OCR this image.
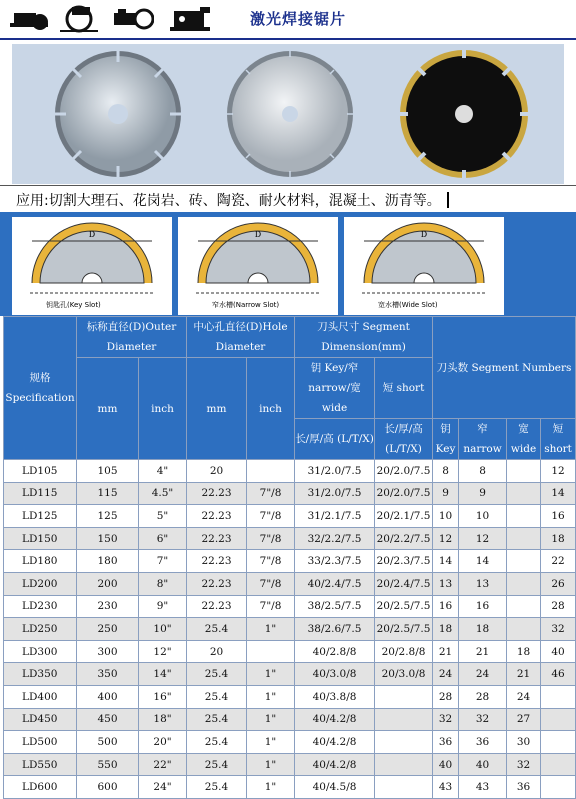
激光焊接锯片
应用:切割大理石、花岗岩、砖、陶瓷、耐火材料，混凝土、沥青等。
D
钥匙孔(Key Slot)
D
窄水槽(Narrow Slot)
D
宽水槽(Wide Slot)
规格 Specification	标称直径(D)Outer Diameter		中心孔直径(D)Hole Diameter		刀头尺寸 Segment Dimension(mm)		刀头数 Segment Numbers			
	mm	inch	mm	inch	钥 Key/窄 narrow/宽 wide	短 short				
					长/厚/高 (L/T/X)	长/厚/高 (L/T/X)	钥 Key	窄 narrow	宽 wide	短 short

LD105	105	4"	20		31/2.0/7.5	20/2.0/7.5	8	8		12
LD115	115	4.5"	22.23	7"/8	31/2.0/7.5	20/2.0/7.5	9	9		14
LD125	125	5"	22.23	7"/8	31/2.1/7.5	20/2.1/7.5	10	10		16
LD150	150	6"	22.23	7"/8	32/2.2/7.5	20/2.2/7.5	12	12		18
LD180	180	7"	22.23	7"/8	33/2.3/7.5	20/2.3/7.5	14	14		22
LD200	200	8"	22.23	7"/8	40/2.4/7.5	20/2.4/7.5	13	13		26
LD230	230	9"	22.23	7"/8	38/2.5/7.5	20/2.5/7.5	16	16		28
LD250	250	10"	25.4	1"	38/2.6/7.5	20/2.5/7.5	18	18		32
LD300	300	12"	20		40/2.8/8	20/2.8/8	21	21	18	40
LD350	350	14"	25.4	1"	40/3.0/8	20/3.0/8	24	24	21	46
LD400	400	16"	25.4	1"	40/3.8/8		28	28	24	
LD450	450	18"	25.4	1"	40/4.2/8		32	32	27	
LD500	500	20"	25.4	1"	40/4.2/8		36	36	30	
LD550	550	22"	25.4	1"	40/4.2/8		40	40	32	
LD600	600	24"	25.4	1"	40/4.5/8		43	43	36	
